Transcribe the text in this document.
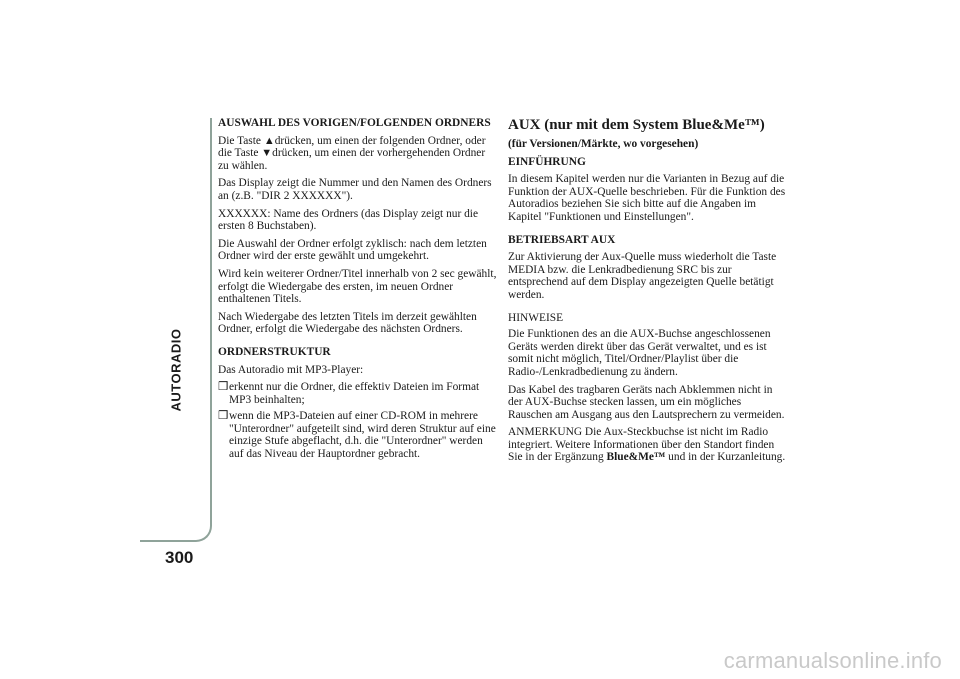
AUTORADIO
300

AUSWAHL DES VORIGEN/FOLGENDEN ORDNERS

Die Taste ▲drücken, um einen der folgenden Ordner, oder die Taste ▼drücken, um einen der vorhergehenden Ordner zu wählen.

Das Display zeigt die Nummer und den Namen des Ordners an (z.B. "DIR 2 XXXXXX").

XXXXXX: Name des Ordners (das Display zeigt nur die ersten 8 Buchstaben).

Die Auswahl der Ordner erfolgt zyklisch: nach dem letzten Ordner wird der erste gewählt und umgekehrt.

Wird kein weiterer Ordner/Titel innerhalb von 2 sec gewählt, erfolgt die Wiedergabe des ersten, im neuen Ordner enthaltenen Titels.

Nach Wiedergabe des letzten Titels im derzeit gewählten Ordner, erfolgt die Wiedergabe des nächsten Ordners.

ORDNERSTRUKTUR

Das Autoradio mit MP3-Player:

❒ erkennt nur die Ordner, die effektiv Dateien im Format MP3 beinhalten;
❒ wenn die MP3-Dateien auf einer CD-ROM in mehrere "Unterordner" aufgeteilt sind, wird deren Struktur auf eine einzige Stufe abgeflacht, d.h. die "Unterordner" werden auf das Niveau der Hauptordner gebracht.

AUX (nur mit dem System Blue&Me™)

(für Versionen/Märkte, wo vorgesehen)

EINFÜHRUNG

In diesem Kapitel werden nur die Varianten in Bezug auf die Funktion der AUX-Quelle beschrieben. Für die Funktion des Autoradios beziehen Sie sich bitte auf die Angaben im Kapitel "Funktionen und Einstellungen".

BETRIEBSART AUX

Zur Aktivierung der Aux-Quelle muss wiederholt die Taste MEDIA bzw. die Lenkradbedienung SRC bis zur entsprechend auf dem Display angezeigten Quelle betätigt werden.

HINWEISE

Die Funktionen des an die AUX-Buchse angeschlossenen Geräts werden direkt über das Gerät verwaltet, und es ist somit nicht möglich, Titel/Ordner/Playlist über die Radio-/Lenkradbedienung zu ändern.

Das Kabel des tragbaren Geräts nach Abklemmen nicht in der AUX-Buchse stecken lassen, um ein mögliches Rauschen am Ausgang aus den Lautsprechern zu vermeiden.

ANMERKUNG Die Aux-Steckbuchse ist nicht im Radio integriert. Weitere Informationen über den Standort finden Sie in der Ergänzung Blue&Me™ und in der Kurzanleitung.

carmanualsonline.info
